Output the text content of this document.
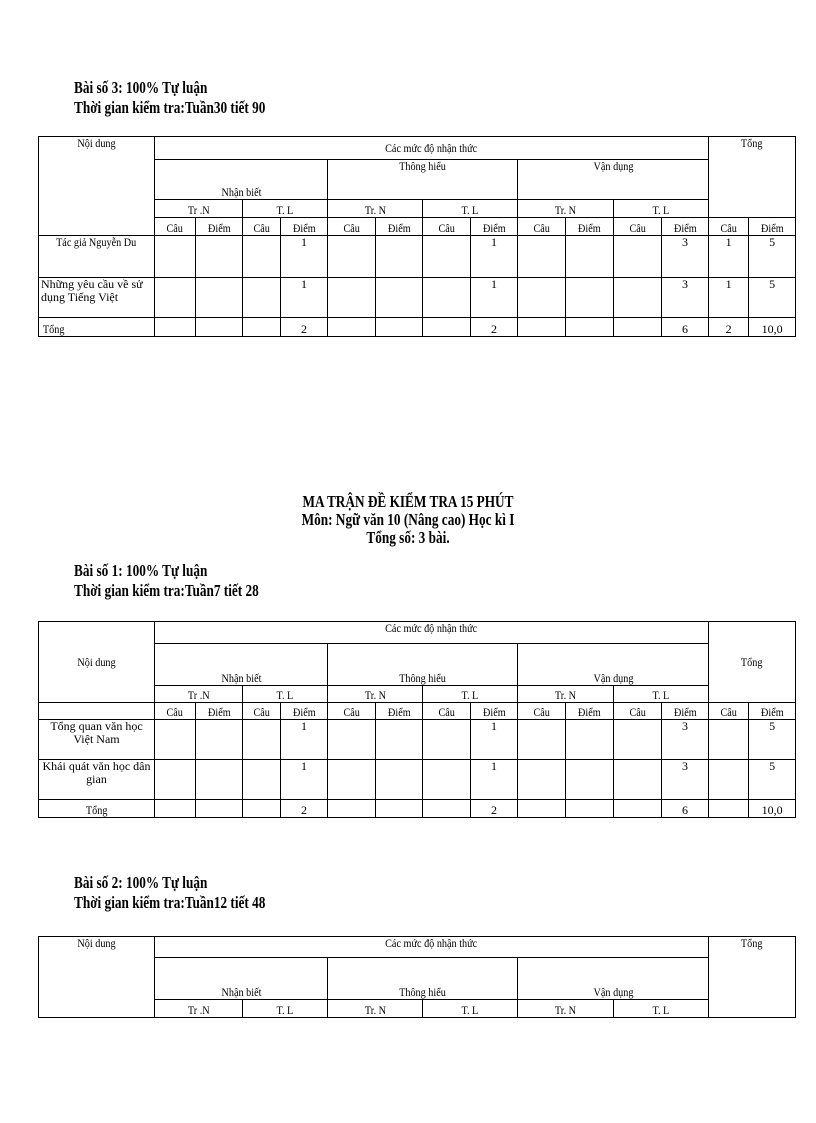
Bài số 3: 100% Tự luận
Thời gian kiểm tra:Tuần30 tiết 90
Nội dung	Các mức độ nhận thức												Tổng	
	Nhận biết				Thông hiểu				Vận dụng					
	Tr .N		T. L		Tr. N		T. L		Tr. N		T. L			
	Câu	Điểm	Câu	Điểm	Câu	Điểm	Câu	Điểm	Câu	Điểm	Câu	Điểm	Câu	Điểm
Tác giả Nguyễn Du				1				1				3	1	5
Những yêu cầu về sử dụng Tiếng Việt				1				1				3	1	5
Tổng				2				2				6	2	10,0
MA TRẬN ĐỀ KIỂM TRA 15 PHÚT
Môn: Ngữ văn 10 (Nâng cao) Học kì I
Tổng số: 3 bài.
Bài số 1: 100% Tự luận
Thời gian kiểm tra:Tuần7 tiết 28
Nội dung	Các mức độ nhận thức												Tổng	
	Nhận biết				Thông hiểu				Vận dụng					
	Tr .N		T. L		Tr. N		T. L		Tr. N		T. L			
	Câu	Điểm	Câu	Điểm	Câu	Điểm	Câu	Điểm	Câu	Điểm	Câu	Điểm	Câu	Điểm
Tổng quan văn học Việt Nam				1				1				3		5
Khái quát văn học dân gian				1				1				3		5
Tổng				2				2				6		10,0
Bài số 2: 100% Tự luận
Thời gian kiểm tra:Tuần12 tiết 48
Nội dung	Các mức độ nhận thức						Tổng
	Nhận biết		Thông hiểu		Vận dụng		
	Tr .N	T. L	Tr. N	T. L	Tr. N	T. L	
